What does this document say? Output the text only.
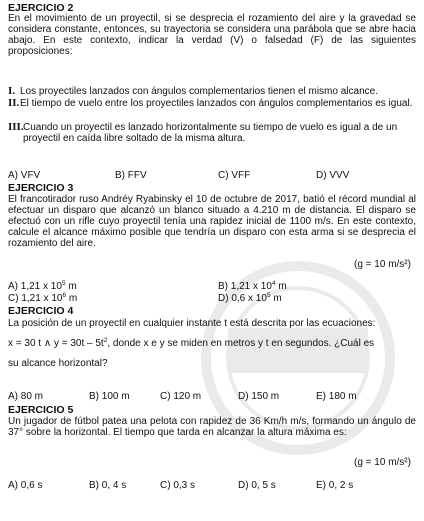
EJERCICIO 2
En el movimiento de un proyectil, si se desprecia el rozamiento del aire y la gravedad se considera constante, entonces, su trayectoria se considera una parábola que se abre hacia abajo. En este contexto, indicar la verdad (V) o falsedad (F) de las siguientes proposiciones:
I. Los proyectiles lanzados con ángulos complementarios tienen el mismo alcance.
II. El tiempo de vuelo entre los proyectiles lanzados con ángulos complementarios es igual.
III. Cuando un proyectil es lanzado horizontalmente su tiempo de vuelo es igual a de un proyectil en caída libre soltado de la misma altura.
A) VFV	B) FFV	C) VFF	D) VVV
EJERCICIO 3
El francotirador ruso Andréy Ryabinsky el 10 de octubre de 2017, batió el récord mundial al efectuar un disparo que alcanzó un blanco situado a 4.210 m de distancia. El disparo se efectuó con un rifle cuyo proyectil tenía una rapidez inicial de 1100 m/s. En este contexto, calcule el alcance máximo posible que tendría un disparo con esta arma si se desprecia el rozamiento del aire.
(g = 10 m/s²)
A) 1,21 x $10^5$ m	B) 1,21 x $10^4$ m
C) 1,21 x $10^6$ m	D) 0,6 x $10^5$ m
EJERCICIO 4
La posición de un proyectil en cualquier instante t está descrita por las ecuaciones:
x = 30 t ∧ $y = 30t - 5t^2$, donde x e y se miden en metros y t en segundos. ¿Cuál es
su alcance horizontal?
A) 80 m	B) 100 m	C) 120 m	D) 150 m	E) 180 m
EJERCICIO 5
Un jugador de fútbol patea una pelota con rapidez de 36 Km/h m/s, formando un ángulo de 37° sobre la horizontal. El tiempo que tarda en alcanzar la altura máxima es:
(g = 10 m/s²)
A) 0,6 s	B) 0, 4 s	C) 0,3 s	D) 0, 5 s	E) 0, 2 s
